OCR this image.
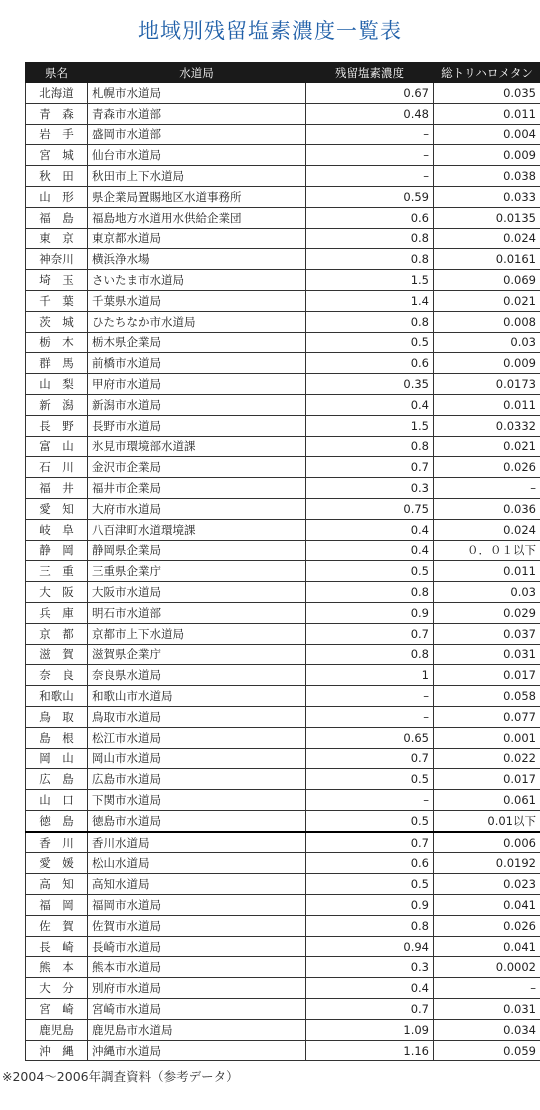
地域別残留塩素濃度一覧表
県名	水道局	残留塩素濃度	総トリハロメタン
北海道	札幌市水道局	0.67	0.035
青　森	青森市水道部	0.48	0.011
岩　手	盛岡市水道部	–	0.004
宮　城	仙台市水道局	–	0.009
秋　田	秋田市上下水道局	–	0.038
山　形	県企業局置賜地区水道事務所	0.59	0.033
福　島	福島地方水道用水供給企業団	0.6	0.0135
東　京	東京都水道局	0.8	0.024
神奈川	横浜浄水場	0.8	0.0161
埼　玉	さいたま市水道局	1.5	0.069
千　葉	千葉県水道局	1.4	0.021
茨　城	ひたちなか市水道局	0.8	0.008
栃　木	栃木県企業局	0.5	0.03
群　馬	前橋市水道局	0.6	0.009
山　梨	甲府市水道局	0.35	0.0173
新　潟	新潟市水道局	0.4	0.011
長　野	長野市水道局	1.5	0.0332
富　山	氷見市環境部水道課	0.8	0.021
石　川	金沢市企業局	0.7	0.026
福　井	福井市企業局	0.3	–
愛　知	大府市水道局	0.75	0.036
岐　阜	八百津町水道環境課	0.4	0.024
静　岡	静岡県企業局	0.4	０．０１以下
三　重	三重県企業庁	0.5	0.011
大　阪	大阪市水道局	0.8	0.03
兵　庫	明石市水道部	0.9	0.029
京　都	京都市上下水道局	0.7	0.037
滋　賀	滋賀県企業庁	0.8	0.031
奈　良	奈良県水道局	1	0.017
和歌山	和歌山市水道局	–	0.058
鳥　取	鳥取市水道局	–	0.077
島　根	松江市水道局	0.65	0.001
岡　山	岡山市水道局	0.7	0.022
広　島	広島市水道局	0.5	0.017
山　口	下関市水道局	–	0.061
徳　島	徳島市水道局	0.5	0.01以下
香　川	香川水道局	0.7	0.006
愛　媛	松山水道局	0.6	0.0192
高　知	高知水道局	0.5	0.023
福　岡	福岡市水道局	0.9	0.041
佐　賀	佐賀市水道局	0.8	0.026
長　崎	長崎市水道局	0.94	0.041
熊　本	熊本市水道局	0.3	0.0002
大　分	別府市水道局	0.4	–
宮　崎	宮崎市水道局	0.7	0.031
鹿児島	鹿児島市水道局	1.09	0.034
沖　縄	沖縄市水道局	1.16	0.059
※2004〜2006年調査資料（参考データ）
